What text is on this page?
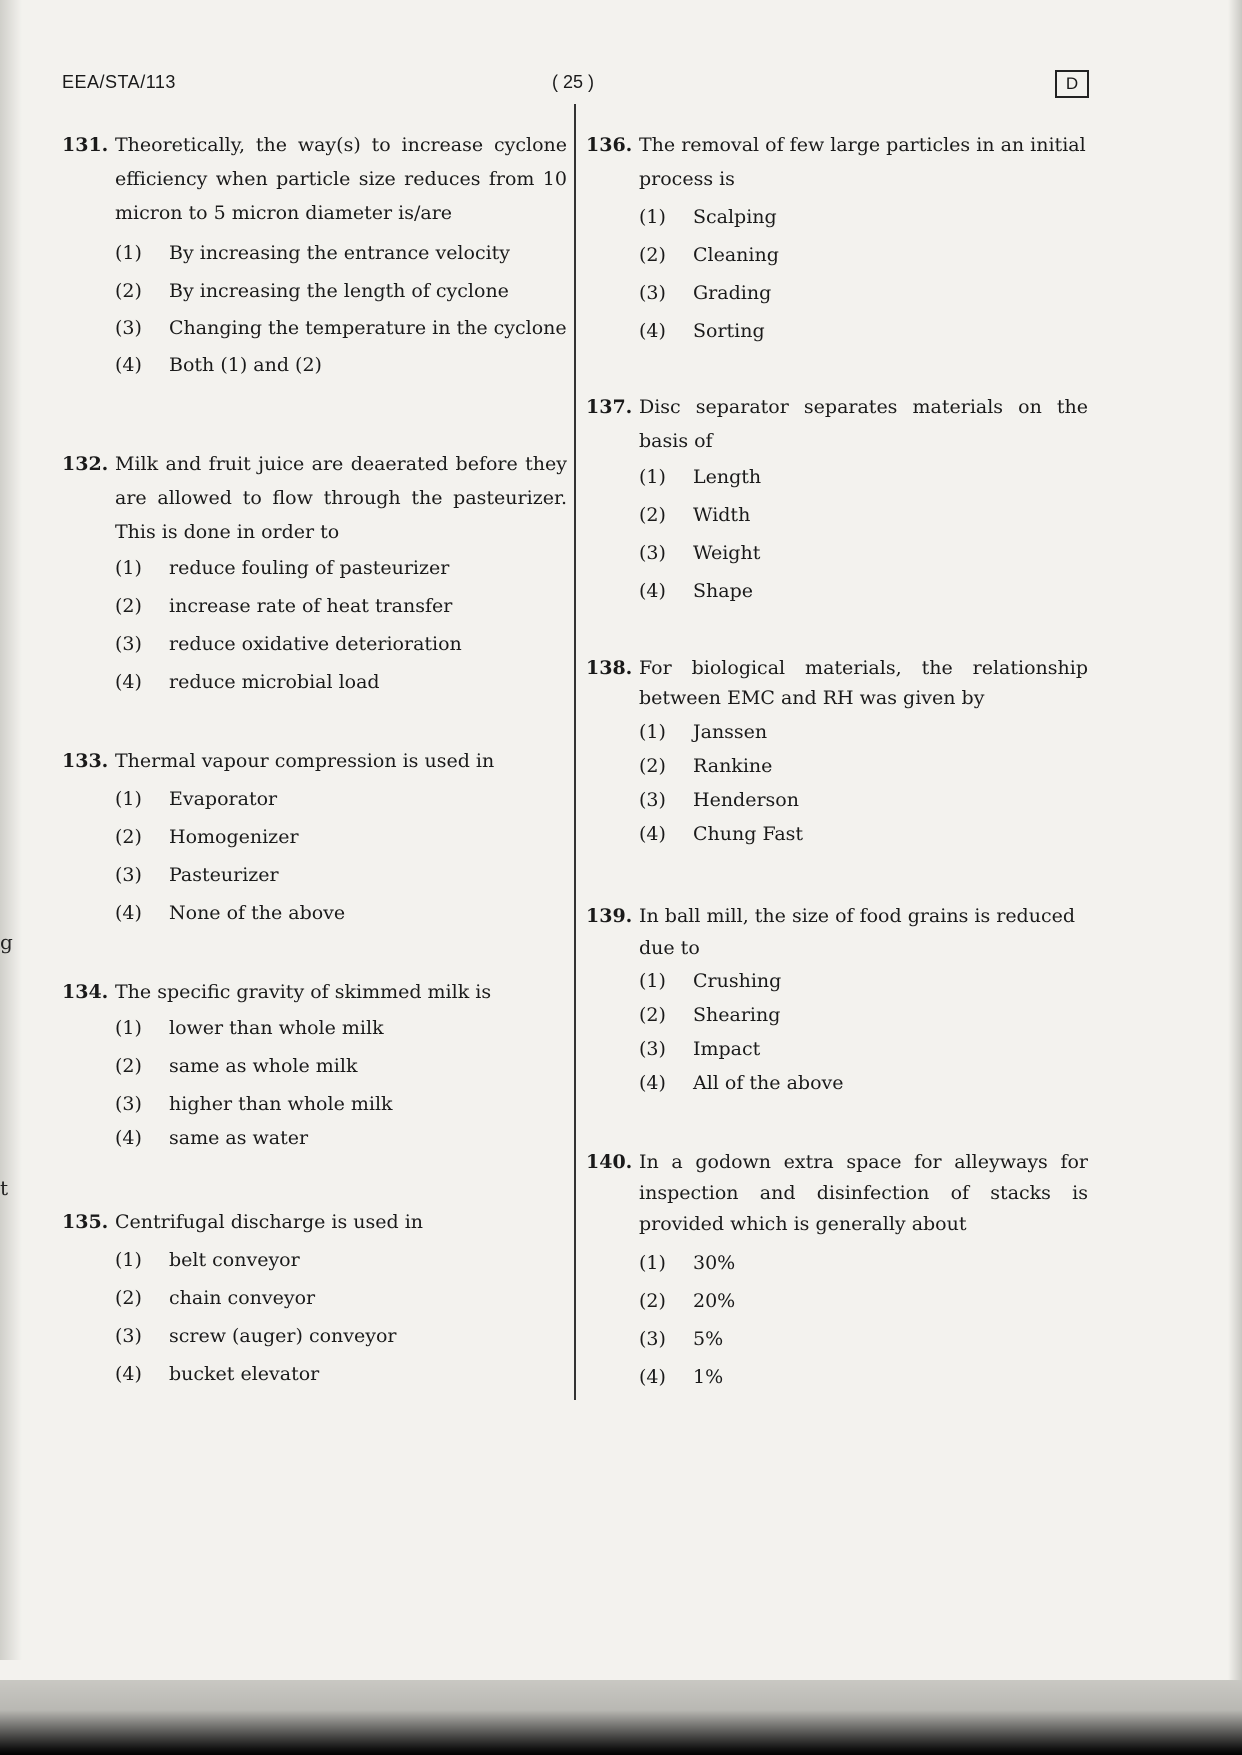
g
t
EEA/STA/113	( 25 )	D
131. Theoretically, the way(s) to increase cyclone efficiency when particle size reduces from 10 micron to 5 micron diameter is/are
(1) By increasing the entrance velocity
(2) By increasing the length of cyclone
(3) Changing the temperature in the cyclone
(4) Both (1) and (2)
132. Milk and fruit juice are deaerated before they are allowed to flow through the pasteurizer. This is done in order to
(1) reduce fouling of pasteurizer
(2) increase rate of heat transfer
(3) reduce oxidative deterioration
(4) reduce microbial load
133. Thermal vapour compression is used in
(1) Evaporator
(2) Homogenizer
(3) Pasteurizer
(4) None of the above
134. The specific gravity of skimmed milk is
(1) lower than whole milk
(2) same as whole milk
(3) higher than whole milk
(4) same as water
135. Centrifugal discharge is used in
(1) belt conveyor
(2) chain conveyor
(3) screw (auger) conveyor
(4) bucket elevator
136. The removal of few large particles in an initial process is
(1) Scalping
(2) Cleaning
(3) Grading
(4) Sorting
137. Disc separator separates materials on the basis of
(1) Length
(2) Width
(3) Weight
(4) Shape
138. For biological materials, the relationship between EMC and RH was given by
(1) Janssen
(2) Rankine
(3) Henderson
(4) Chung Fast
139. In ball mill, the size of food grains is reduced due to
(1) Crushing
(2) Shearing
(3) Impact
(4) All of the above
140. In a godown extra space for alleyways for inspection and disinfection of stacks is provided which is generally about
(1) 30%
(2) 20%
(3) 5%
(4) 1%
